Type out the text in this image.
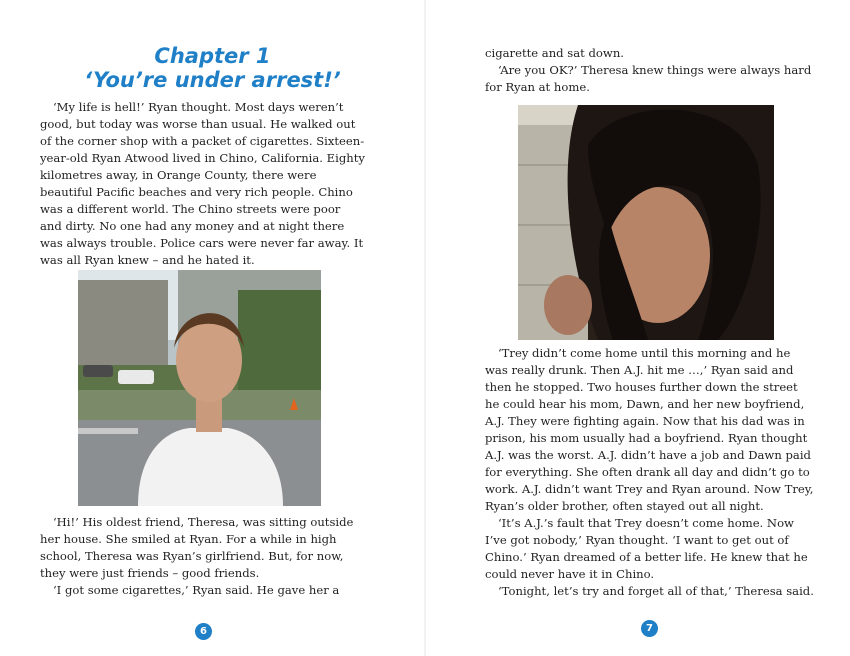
Chapter 1
‘You’re under arrest!’

‘My life is hell!’ Ryan thought. Most days weren’t good, but today was worse than usual. He walked out of the corner shop with a packet of cigarettes. Sixteen-year-old Ryan Atwood lived in Chino, California. Eighty kilometres away, in Orange County, there were beautiful Pacific beaches and very rich people. Chino was a different world. The Chino streets were poor and dirty. No one had any money and at night there was always trouble. Police cars were never far away. It was all Ryan knew – and he hated it.

‘Hi!’ His oldest friend, Theresa, was sitting outside her house. She smiled at Ryan. For a while in high school, Theresa was Ryan’s girlfriend. But, for now, they were just friends – good friends.

‘I got some cigarettes,’ Ryan said. He gave her a

6

cigarette and sat down.

‘Are you OK?’ Theresa knew things were always hard for Ryan at home.

‘Trey didn’t come home until this morning and he was really drunk. Then A.J. hit me …,’ Ryan said and then he stopped. Two houses further down the street he could hear his mom, Dawn, and her new boyfriend, A.J. They were fighting again. Now that his dad was in prison, his mom usually had a boyfriend. Ryan thought A.J. was the worst. A.J. didn’t have a job and Dawn paid for everything. She often drank all day and didn’t go to work. A.J. didn’t want Trey and Ryan around. Now Trey, Ryan’s older brother, often stayed out all night.

‘It’s A.J.’s fault that Trey doesn’t come home. Now I’ve got nobody,’ Ryan thought. ‘I want to get out of Chino.’ Ryan dreamed of a better life. He knew that he could never have it in Chino.

‘Tonight, let’s try and forget all of that,’ Theresa said.

7
